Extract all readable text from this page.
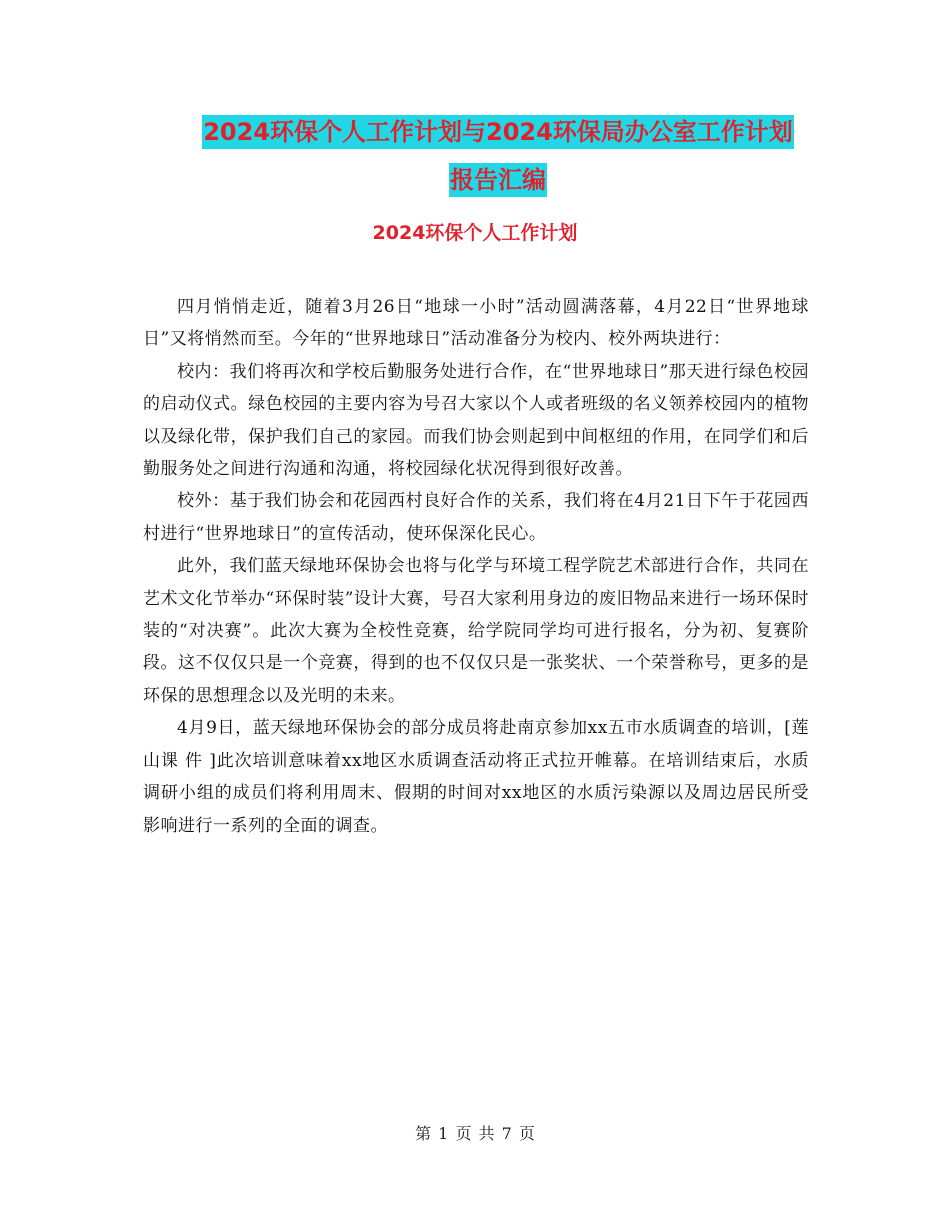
2024环保个人工作计划与2024环保局办公室工作计划
报告汇编
2024环保个人工作计划

四月悄悄走近，随着3月26日“地球一小时”活动圆满落幕，4月22日“世界地球日”又将悄然而至。今年的“世界地球日”活动准备分为校内、校外两块进行：

校内：我们将再次和学校后勤服务处进行合作，在“世界地球日”那天进行绿色校园的启动仪式。绿色校园的主要内容为号召大家以个人或者班级的名义领养校园内的植物以及绿化带，保护我们自己的家园。而我们协会则起到中间枢纽的作用，在同学们和后勤服务处之间进行沟通和沟通，将校园绿化状况得到很好改善。

校外：基于我们协会和花园西村良好合作的关系，我们将在4月21日下午于花园西村进行“世界地球日”的宣传活动，使环保深化民心。

此外，我们蓝天绿地环保协会也将与化学与环境工程学院艺术部进行合作，共同在艺术文化节举办“环保时装”设计大赛，号召大家利用身边的废旧物品来进行一场环保时装的“对决赛”。此次大赛为全校性竞赛，给学院同学均可进行报名，分为初、复赛阶段。这不仅仅只是一个竞赛，得到的也不仅仅只是一张奖状、一个荣誉称号，更多的是环保的思想理念以及光明的未来。

4月9日，蓝天绿地环保协会的部分成员将赴南京参加xx五市水质调查的培训，[莲山课 件 ]此次培训意味着xx地区水质调查活动将正式拉开帷幕。在培训结束后，水质调研小组的成员们将利用周末、假期的时间对xx地区的水质污染源以及周边居民所受影响进行一系列的全面的调查。

第 1 页 共 7 页
